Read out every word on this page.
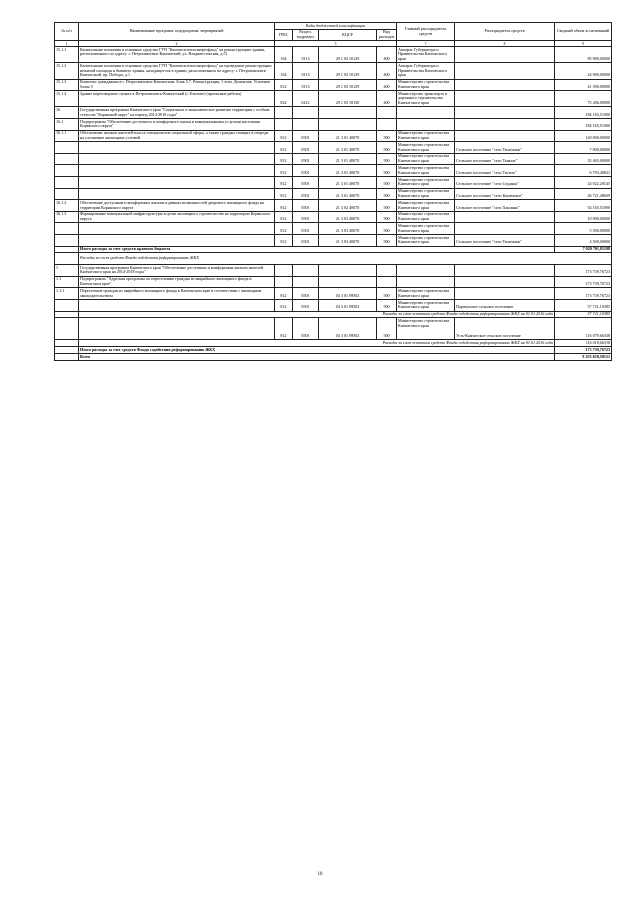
№ п/п	Наименование программ, подпрограмм, мероприятий	Коды бюджетной классификации				Главный распорядитель средств	Распорядитель средств	Сводный объем ассигнований
		ГРБС	Раздел, подраздел	КЦСР	Вид расходов			
1	2	3				7	8	9
15.1.1	Капитальные вложения в основные средства ГУП "Камчатсктеплоэнергофонд" на реконструкцию здания, расположенного по адресу: г. Петропавловск-Камчатский, ул. Владивостокская, д.51	164	0113	29 1 03 10129	400	Аппарат Губернатора и Правительства Камчатского края		85 900,00000
15.1.2	Капитальные вложения в основные средства ГУП "Камчатсктеплоэнергофонд" на проведение реконструкции нежилой площади и бывшего здания, находящегося в здании, расположенном по адресу: г. Петропавловск-Камчатский, пр. Победы, д.1	164	0113	29 1 03 10129	400	Аппарат Губернатора и Правительства Камчатского края		24 900,00000
15.1.3	Комплекс гражданина в г. Петропавловск-Камчатском. Блок 5.7. Реконструкция, 1 этап. Демонтаж. Усиление блока 5	812	0113	29 1 03 10129	400	Министерство строительства Камчатского края		41 390,00000
15.1.4	Здание переговорного пункта в Петропавловск-Камчатский (г. Елизово) (проектные работы)	822	0412	29 1 03 10130	400	Министерство транспорта и дорожного строительства Камчатского края		75 286,00000
16	Государственная программа Камчатского края "Социальное и экономическое развитие территории с особым статусом "Корякский округ" на период 2014-2018 годы"							184 165,51000
16.1	Подпрограмма "Обеспечение доступного и комфортного жилья и коммунальными услугами населения Корякского округа"							184 165,51000
16.1.1	Обеспечение жильем жителей-класса специалистов социальной сферы, а также граждан стоящих в очереди на улучшение жилищных условий	812	0501	21 3 01 40070	500	Министерство строительства Камчатского края		120 000,00000
		812	0501	21 3 01 40070	500	Министерство строительства Камчатского края	Сельское поселение "село Тиличики"	7 000,00000
		812	0501	21 3 01 40070	500	Министерство строительства Камчатского края	Сельское поселение "село Тымлат"	35 465,60000
		812	0501	21 3 01 40070	500	Министерство строительства Камчатского края	Сельское поселение "село Тигиль"	6 793,40821
		812	0501	21 3 01 40070	500	Министерство строительства Камчатского края	Сельское поселение "село Седанка"	24 022,20145
		812	0501	21 3 01 40070	500	Министерство строительства Камчатского края	Сельское поселение "село Каменское"	26 721,48609
16.1.2	Обеспечение доступным и комфортным жильем и равных возможностей дворового жилищного фонда на территории Корякского округа	812	0501	21 3 02 40070	500	Министерство строительства Камчатского края	Сельское поселение "село Хаилино"	54 165,51000
16.1.3	Формирование коммунальной инфраструктуры в целях жилищного строительства на территории Корякского округа	812	0501	21 3 03 40070	500	Министерство строительства Камчатского края		10 000,00000
		812	0501	21 3 03 40070	500	Министерство строительства Камчатского края		5 500,00000
		812	0501	21 3 03 40070	500	Министерство строительства Камчатского края	Сельское поселение "село Тиличики"	4 500,00000
	Итого расходы за счет средств краевого бюджета							7 020 701,81198
	Расходы за счет средств Фонда содействия реформированию ЖКХ							
1	Государственная программа Камчатского края "Обеспечение доступным и комфортным жильем жителей Камчатского края на 2014-2018 годы"							173 739,76723
1.1	Подпрограмма "Адресная программа по переселению граждан из аварийного жилищного фонда в Камчатском крае"							173 739,76723
1.1.1	Переселение граждан из аварийного жилищного фонда в Камчатском крае в соответствии с жилищным законодательством	812	0501	04 3 01 09502	500	Министерство строительства Камчатского края		173 739,76723
		812	0501	04 3 01 09502	500	Министерство строительства Камчатского края	Паратунское сельское поселение	57 721,10385
	Расходы за счет остатков средств Фонда содействия реформированию ЖКХ на 01.01.2016 года							57 721,10385
		812	0501	04 3 01 09502	500	Министерство строительства Камчатского края	Усть-Камчатское сельское поселение	116 079,66338
	Расходы за счет остатков средств Фонда содействия реформированию ЖКХ на 01.01.2016 года							116 018,66338
	Итого расходы за счет средств Фонда содействия реформированию ЖКХ							173 739,76723
	Всего							8 253 658,58121
10
